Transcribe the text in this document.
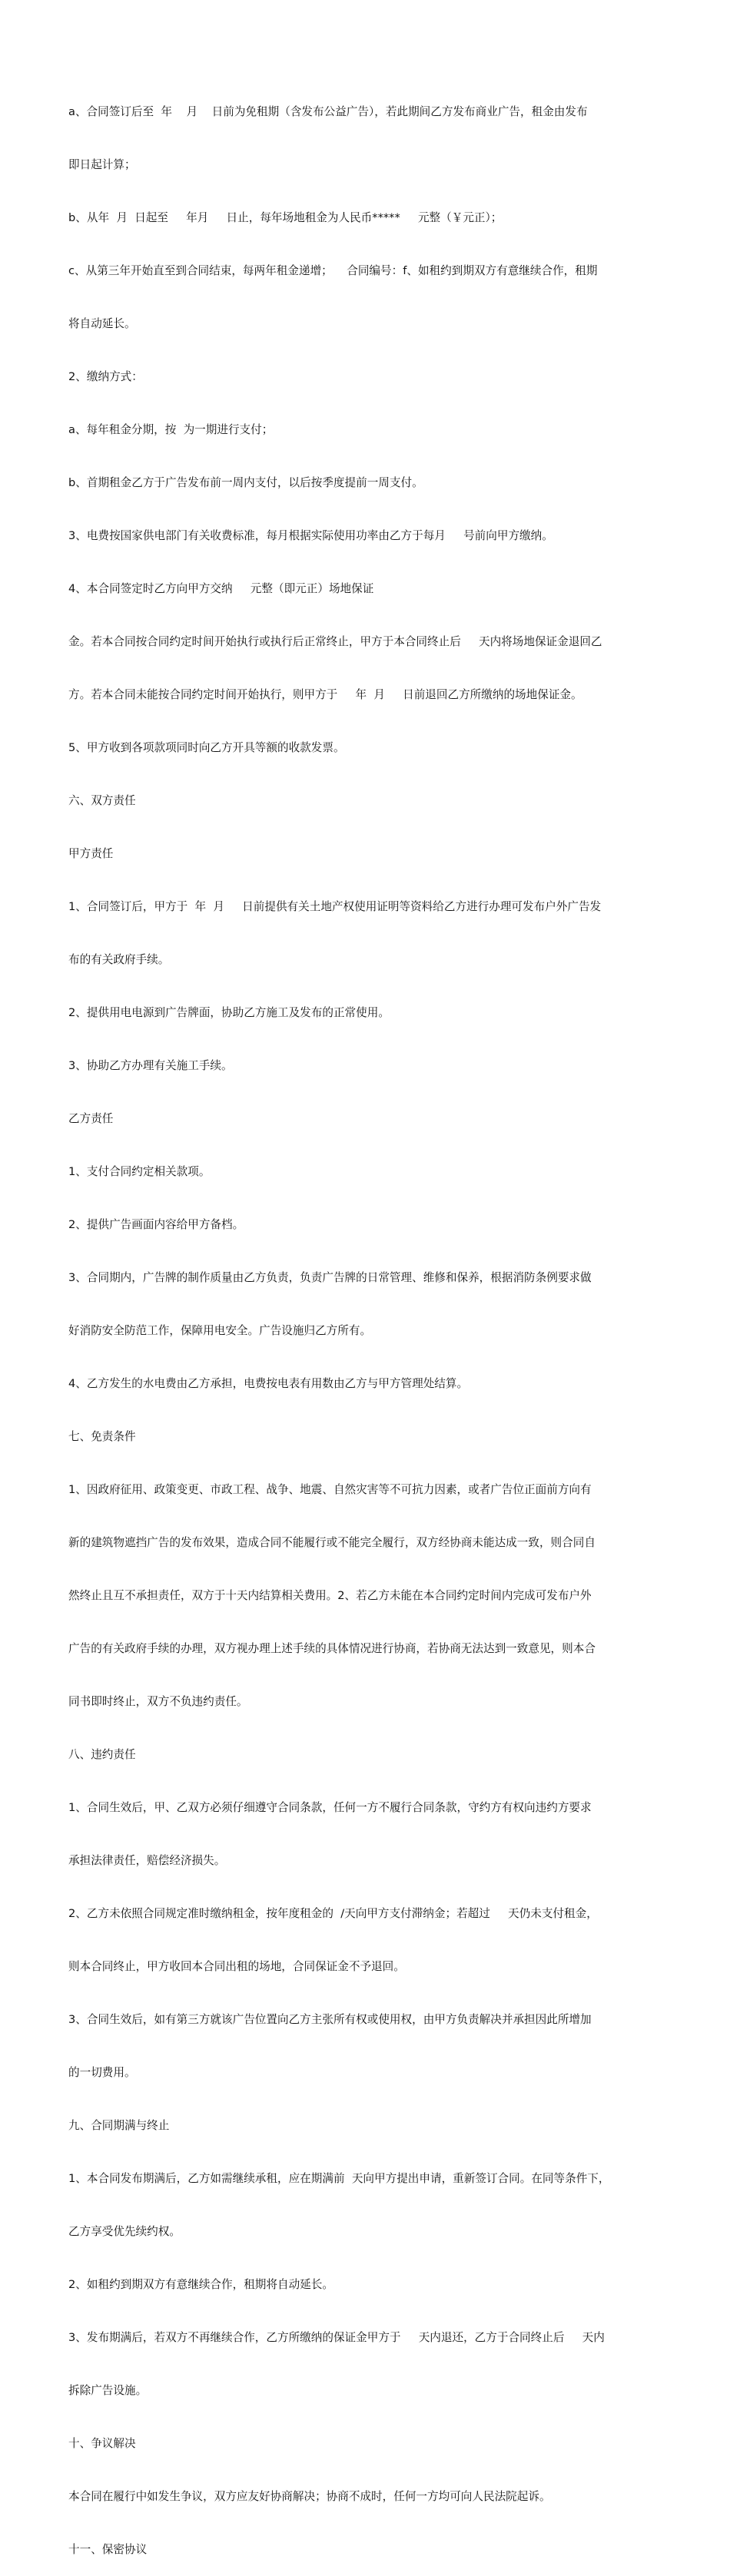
a、合同签订后至  年    月    日前为免租期（含发布公益广告），若此期间乙方发布商业广告，租金由发布

即日起计算；

b、从年  月  日起至     年月     日止，每年场地租金为人民币*****     元整（￥元正）；

c、从第三年开始直至到合同结束，每两年租金递增；    合同编号：f、如租约到期双方有意继续合作，租期

将自动延长。

2、缴纳方式：

a、每年租金分期，按  为一期进行支付；

b、首期租金乙方于广告发布前一周内支付，以后按季度提前一周支付。

3、电费按国家供电部门有关收费标准，每月根据实际使用功率由乙方于每月     号前向甲方缴纳。

4、本合同签定时乙方向甲方交纳     元整（即元正）场地保证

金。若本合同按合同约定时间开始执行或执行后正常终止，甲方于本合同终止后     天内将场地保证金退回乙

方。若本合同未能按合同约定时间开始执行，则甲方于     年  月     日前退回乙方所缴纳的场地保证金。

5、甲方收到各项款项同时向乙方开具等额的收款发票。

六、双方责任

甲方责任

1、合同签订后，甲方于  年  月     日前提供有关土地产权使用证明等资料给乙方进行办理可发布户外广告发

布的有关政府手续。

2、提供用电电源到广告牌面，协助乙方施工及发布的正常使用。

3、协助乙方办理有关施工手续。

乙方责任

1、支付合同约定相关款项。

2、提供广告画面内容给甲方备档。

3、合同期内，广告牌的制作质量由乙方负责，负责广告牌的日常管理、维修和保养，根据消防条例要求做

好消防安全防范工作，保障用电安全。广告设施归乙方所有。

4、乙方发生的水电费由乙方承担，电费按电表有用数由乙方与甲方管理处结算。

七、免责条件

1、因政府征用、政策变更、市政工程、战争、地震、自然灾害等不可抗力因素，或者广告位正面前方向有

新的建筑物遮挡广告的发布效果，造成合同不能履行或不能完全履行，双方经协商未能达成一致，则合同自

然终止且互不承担责任，双方于十天内结算相关费用。2、若乙方未能在本合同约定时间内完成可发布户外

广告的有关政府手续的办理，双方视办理上述手续的具体情况进行协商，若协商无法达到一致意见，则本合

同书即时终止，双方不负违约责任。

八、违约责任

1、合同生效后，甲、乙双方必须仔细遵守合同条款，任何一方不履行合同条款，守约方有权向违约方要求

承担法律责任，赔偿经济损失。

2、乙方未依照合同规定准时缴纳租金，按年度租金的  /天向甲方支付滞纳金；若超过     天仍未支付租金，

则本合同终止，甲方收回本合同出租的场地，合同保证金不予退回。

3、合同生效后，如有第三方就该广告位置向乙方主张所有权或使用权，由甲方负责解决并承担因此所增加

的一切费用。

九、合同期满与终止

1、本合同发布期满后，乙方如需继续承租，应在期满前  天向甲方提出申请，重新签订合同。在同等条件下，

乙方享受优先续约权。

2、如租约到期双方有意继续合作，租期将自动延长。

3、发布期满后，若双方不再继续合作，乙方所缴纳的保证金甲方于     天内退还，乙方于合同终止后     天内

拆除广告设施。

十、争议解决

本合同在履行中如发生争议，双方应友好协商解决；协商不成时，任何一方均可向人民法院起诉。

十一、保密协议
